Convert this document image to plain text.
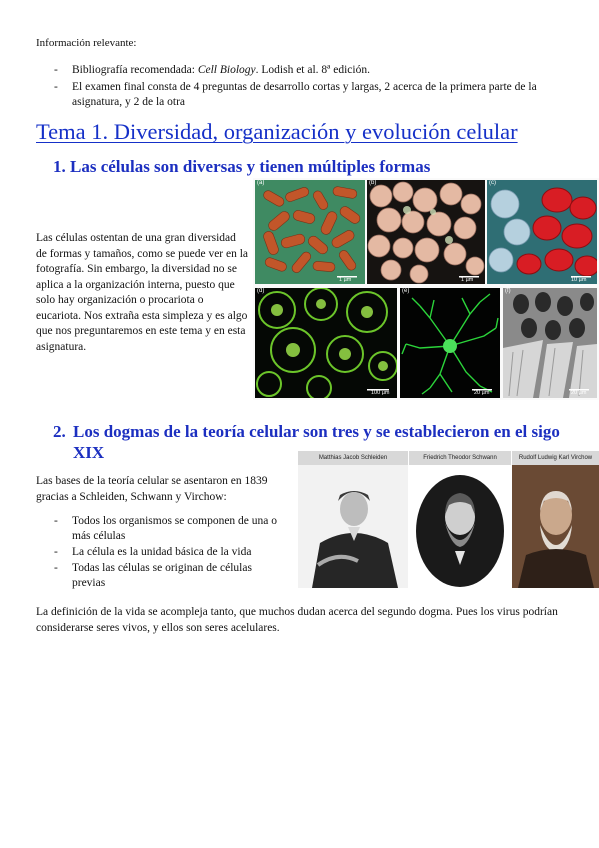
Información relevante:
- Bibliografía recomendada: Cell Biology. Lodish et al. 8ª edición.
- El examen final consta de 4 preguntas de desarrollo cortas y largas, 2 acerca de la primera parte de la asignatura, y 2 de la otra
Tema 1. Diversidad, organización y evolución celular
1. Las células son diversas y tienen múltiples formas
Las células ostentan de una gran diversidad de formas y tamaños, como se puede ver en la fotografía. Sin embargo, la diversidad no se aplica a la organización interna, puesto que solo hay organización o procariota o eucariota. Nos extraña esta simpleza y es algo que nos preguntaremos en este tema y en esta asignatura.
(a)
1 µm
(b)
1 µm
(c)
10 µm
(d)
100 µm
(e)
20 µm
(f)
20 µm
2. Los dogmas de la teoría celular son tres y se establecieron en el sigo XIX
Las bases de la teoría celular se asentaron en 1839 gracias a Schleiden, Schwann y Virchow:
- Todos los organismos se componen de una o más células
- La célula es la unidad básica de la vida
- Todas las células se originan de células previas
Matthias Jacob Schleiden	Friedrich Theodor Schwann	Rudolf Ludwig Karl Virchow
La definición de la vida se acompleja tanto, que muchos dudan acerca del segundo dogma. Pues los virus podrían considerarse seres vivos, y ellos son seres acelulares.
